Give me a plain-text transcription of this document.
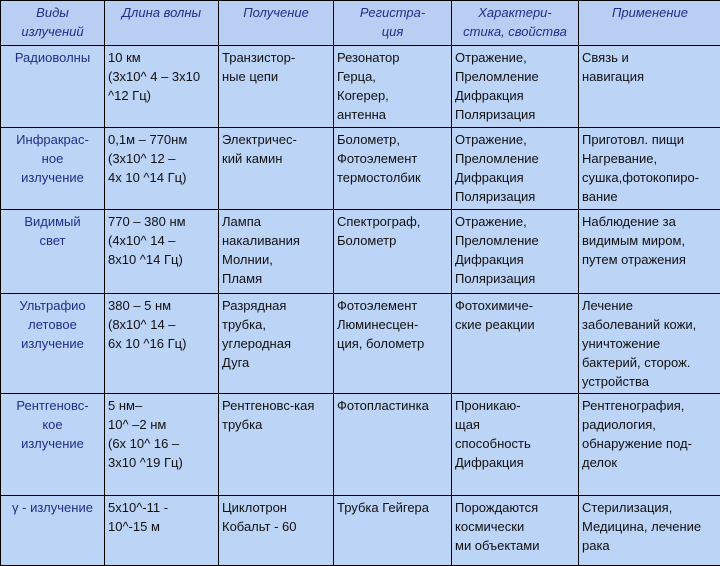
Виды
излучений	Длина волны	Получение	Регистра-
ция	Характери-
стика, свойства	Применение

Радиоволны	10 км
(3x10^ 4 – 3x10
^12 Гц)	Транзистор-
ные цепи	Резонатор
Герца,
Когерер,
антенна	Отражение,
Преломление
Дифракция
Поляризация	Связь и
навигация

Инфракрас-
ное
излучение	0,1м – 770нм
(3x10^ 12 –
4x 10 ^14 Гц)	Электричес-
кий камин	Болометр,
Фотоэлемент
термостолбик	Отражение,
Преломление
Дифракция
Поляризация	Приготовл. пищи
Нагревание,
сушка,фотокопиро-
вание

Видимый
свет	770 – 380 нм
(4x10^ 14 –
8x10 ^14 Гц)	Лампа
накаливания
Молнии,
Пламя	Спектрограф,
Болометр	Отражение,
Преломление
Дифракция
Поляризация	Наблюдение за
видимым миром,
путем отражения

Ультрафио
летовое
излучение	380 – 5 нм
(8x10^ 14 –
6x 10 ^16 Гц)	Разрядная
трубка,
углеродная
Дуга	Фотоэлемент
Люминесцен-
ция, болометр	Фотохимиче-
ские реакции	Лечение
заболеваний кожи,
уничтожение
бактерий, сторож.
устройства

Рентгеновс-
кое
излучение	5 нм–
10^ –2 нм
(6x 10^ 16 –
3x10 ^19 Гц)	Рентгеновс-кая
трубка	Фотопластинка	Проникаю-
щая
способность
Дифракция	Рентгенография,
радиология,
обнаружение под-
делок

γ - излучение	5x10^-11 -
10^-15 м	Циклотрон
Кобальт - 60	Трубка Гейгера	Порождаются
космически
ми объектами	Стерилизация,
Медицина, лечение
рака
